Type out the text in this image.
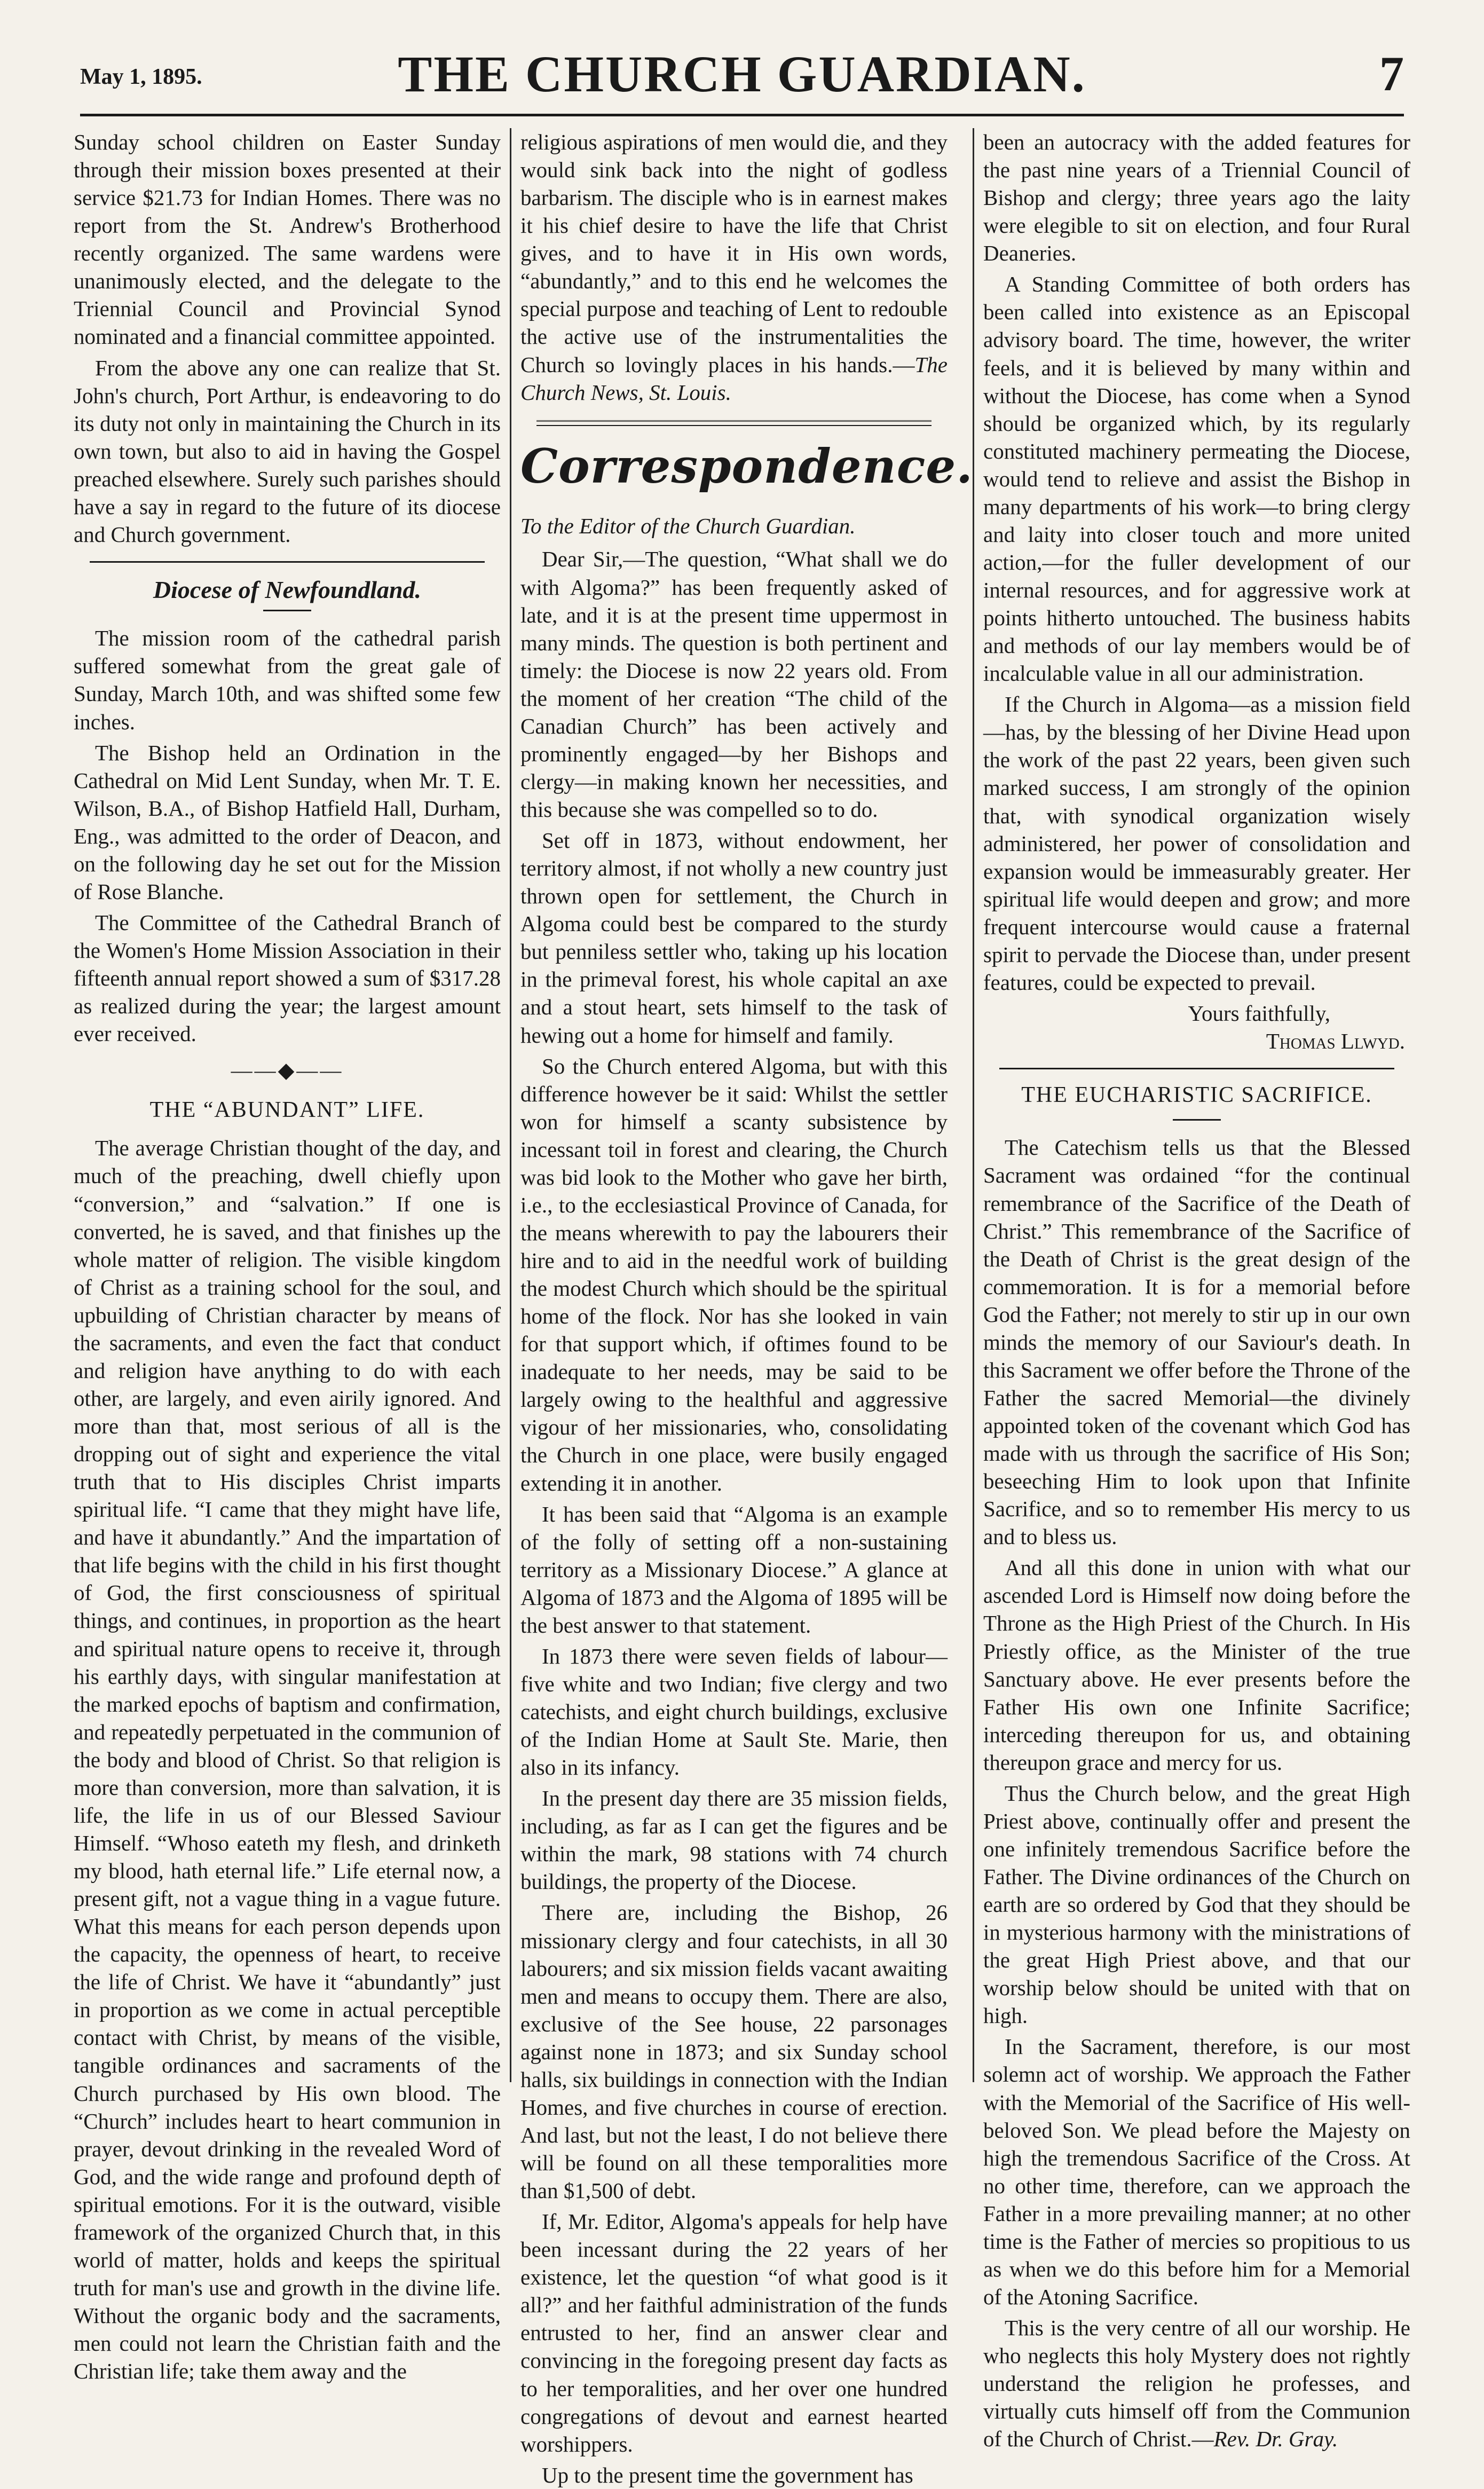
May 1, 1895.	THE CHURCH GUARDIAN.	7

Sunday school children on Easter Sunday through their mission boxes presented at their service $21.73 for Indian Homes. There was no report from the St. Andrew's Brotherhood recently organized. The same wardens were unanimously elected, and the delegate to the Triennial Council and Provincial Synod nominated and a financial committee appointed.

From the above any one can realize that St. John's church, Port Arthur, is endeavoring to do its duty not only in maintaining the Church in its own town, but also to aid in having the Gospel preached elsewhere. Surely such parishes should have a say in regard to the future of its diocese and Church government.

Diocese of Newfoundland.

The mission room of the cathedral parish suffered somewhat from the great gale of Sunday, March 10th, and was shifted some few inches.

The Bishop held an Ordination in the Cathedral on Mid Lent Sunday, when Mr. T. E. Wilson, B.A., of Bishop Hatfield Hall, Durham, Eng., was admitted to the order of Deacon, and on the following day he set out for the Mission of Rose Blanche.

The Committee of the Cathedral Branch of the Women's Home Mission Association in their fifteenth annual report showed a sum of $317.28 as realized during the year; the largest amount ever received.

——◆——
THE “ABUNDANT” LIFE.

The average Christian thought of the day, and much of the preaching, dwell chiefly upon “conversion,” and “salvation.” If one is converted, he is saved, and that finishes up the whole matter of religion. The visible kingdom of Christ as a training school for the soul, and upbuilding of Christian character by means of the sacraments, and even the fact that conduct and religion have anything to do with each other, are largely, and even airily ignored. And more than that, most serious of all is the dropping out of sight and experience the vital truth that to His disciples Christ imparts spiritual life. “I came that they might have life, and have it abundantly.” And the impartation of that life begins with the child in his first thought of God, the first consciousness of spiritual things, and continues, in proportion as the heart and spiritual nature opens to receive it, through his earthly days, with singular manifestation at the marked epochs of baptism and confirmation, and repeatedly perpetuated in the communion of the body and blood of Christ. So that religion is more than conversion, more than salvation, it is life, the life in us of our Blessed Saviour Himself. “Whoso eateth my flesh, and drinketh my blood, hath eternal life.” Life eternal now, a present gift, not a vague thing in a vague future. What this means for each person depends upon the capacity, the openness of heart, to receive the life of Christ. We have it “abundantly” just in proportion as we come in actual perceptible contact with Christ, by means of the visible, tangible ordinances and sacraments of the Church purchased by His own blood. The “Church” includes heart to heart communion in prayer, devout drinking in the revealed Word of God, and the wide range and profound depth of spiritual emotions. For it is the outward, visible framework of the organized Church that, in this world of matter, holds and keeps the spiritual truth for man's use and growth in the divine life. Without the organic body and the sacraments, men could not learn the Christian faith and the Christian life; take them away and the

religious aspirations of men would die, and they would sink back into the night of godless barbarism. The disciple who is in earnest makes it his chief desire to have the life that Christ gives, and to have it in His own words, “abundantly,” and to this end he welcomes the special purpose and teaching of Lent to redouble the active use of the instrumentalities the Church so lovingly places in his hands.—The Church News, St. Louis.

Correspondence.

To the Editor of the Church Guardian.

Dear Sir,—The question, “What shall we do with Algoma?” has been frequently asked of late, and it is at the present time uppermost in many minds. The question is both pertinent and timely: the Diocese is now 22 years old. From the moment of her creation “The child of the Canadian Church” has been actively and prominently engaged—by her Bishops and clergy—in making known her necessities, and this because she was compelled so to do.

Set off in 1873, without endowment, her territory almost, if not wholly a new country just thrown open for settlement, the Church in Algoma could best be compared to the sturdy but penniless settler who, taking up his location in the primeval forest, his whole capital an axe and a stout heart, sets himself to the task of hewing out a home for himself and family.

So the Church entered Algoma, but with this difference however be it said: Whilst the settler won for himself a scanty subsistence by incessant toil in forest and clearing, the Church was bid look to the Mother who gave her birth, i.e., to the ecclesiastical Province of Canada, for the means wherewith to pay the labourers their hire and to aid in the needful work of building the modest Church which should be the spiritual home of the flock. Nor has she looked in vain for that support which, if oftimes found to be inadequate to her needs, may be said to be largely owing to the healthful and aggressive vigour of her missionaries, who, consolidating the Church in one place, were busily engaged extending it in another.

It has been said that “Algoma is an example of the folly of setting off a non-sustaining territory as a Missionary Diocese.” A glance at Algoma of 1873 and the Algoma of 1895 will be the best answer to that statement.

In 1873 there were seven fields of labour—five white and two Indian; five clergy and two catechists, and eight church buildings, exclusive of the Indian Home at Sault Ste. Marie, then also in its infancy.

In the present day there are 35 mission fields, including, as far as I can get the figures and be within the mark, 98 stations with 74 church buildings, the property of the Diocese.

There are, including the Bishop, 26 missionary clergy and four catechists, in all 30 labourers; and six mission fields vacant awaiting men and means to occupy them. There are also, exclusive of the See house, 22 parsonages against none in 1873; and six Sunday school halls, six buildings in connection with the Indian Homes, and five churches in course of erection. And last, but not the least, I do not believe there will be found on all these temporalities more than $1,500 of debt.

If, Mr. Editor, Algoma's appeals for help have been incessant during the 22 years of her existence, let the question “of what good is it all?” and her faithful administration of the funds entrusted to her, find an answer clear and convincing in the foregoing present day facts as to her temporalities, and her over one hundred congregations of devout and earnest hearted worshippers.

Up to the present time the government has

been an autocracy with the added features for the past nine years of a Triennial Council of Bishop and clergy; three years ago the laity were elegible to sit on election, and four Rural Deaneries.

A Standing Committee of both orders has been called into existence as an Episcopal advisory board. The time, however, the writer feels, and it is believed by many within and without the Diocese, has come when a Synod should be organized which, by its regularly constituted machinery permeating the Diocese, would tend to relieve and assist the Bishop in many departments of his work—to bring clergy and laity into closer touch and more united action,—for the fuller development of our internal resources, and for aggressive work at points hitherto untouched. The business habits and methods of our lay members would be of incalculable value in all our administration.

If the Church in Algoma—as a mission field—has, by the blessing of her Divine Head upon the work of the past 22 years, been given such marked success, I am strongly of the opinion that, with synodical organization wisely administered, her power of consolidation and expansion would be immeasurably greater. Her spiritual life would deepen and grow; and more frequent intercourse would cause a fraternal spirit to pervade the Diocese than, under present features, could be expected to prevail.

Yours faithfully,

Thomas Llwyd.

THE EUCHARISTIC SACRIFICE.

The Catechism tells us that the Blessed Sacrament was ordained “for the continual remembrance of the Sacrifice of the Death of Christ.” This remembrance of the Sacrifice of the Death of Christ is the great design of the commemoration. It is for a memorial before God the Father; not merely to stir up in our own minds the memory of our Saviour's death. In this Sacrament we offer before the Throne of the Father the sacred Memorial—the divinely appointed token of the covenant which God has made with us through the sacrifice of His Son; beseeching Him to look upon that Infinite Sacrifice, and so to remember His mercy to us and to bless us.

And all this done in union with what our ascended Lord is Himself now doing before the Throne as the High Priest of the Church. In His Priestly office, as the Minister of the true Sanctuary above. He ever presents before the Father His own one Infinite Sacrifice; interceding thereupon for us, and obtaining thereupon grace and mercy for us.

Thus the Church below, and the great High Priest above, continually offer and present the one infinitely tremendous Sacrifice before the Father. The Divine ordinances of the Church on earth are so ordered by God that they should be in mysterious harmony with the ministrations of the great High Priest above, and that our worship below should be united with that on high.

In the Sacrament, therefore, is our most solemn act of worship. We approach the Father with the Memorial of the Sacrifice of His well-beloved Son. We plead before the Majesty on high the tremendous Sacrifice of the Cross. At no other time, therefore, can we approach the Father in a more prevailing manner; at no other time is the Father of mercies so propitious to us as when we do this before him for a Memorial of the Atoning Sacrifice.

This is the very centre of all our worship. He who neglects this holy Mystery does not rightly understand the religion he professes, and virtually cuts himself off from the Communion of the Church of Christ.—Rev. Dr. Gray.
